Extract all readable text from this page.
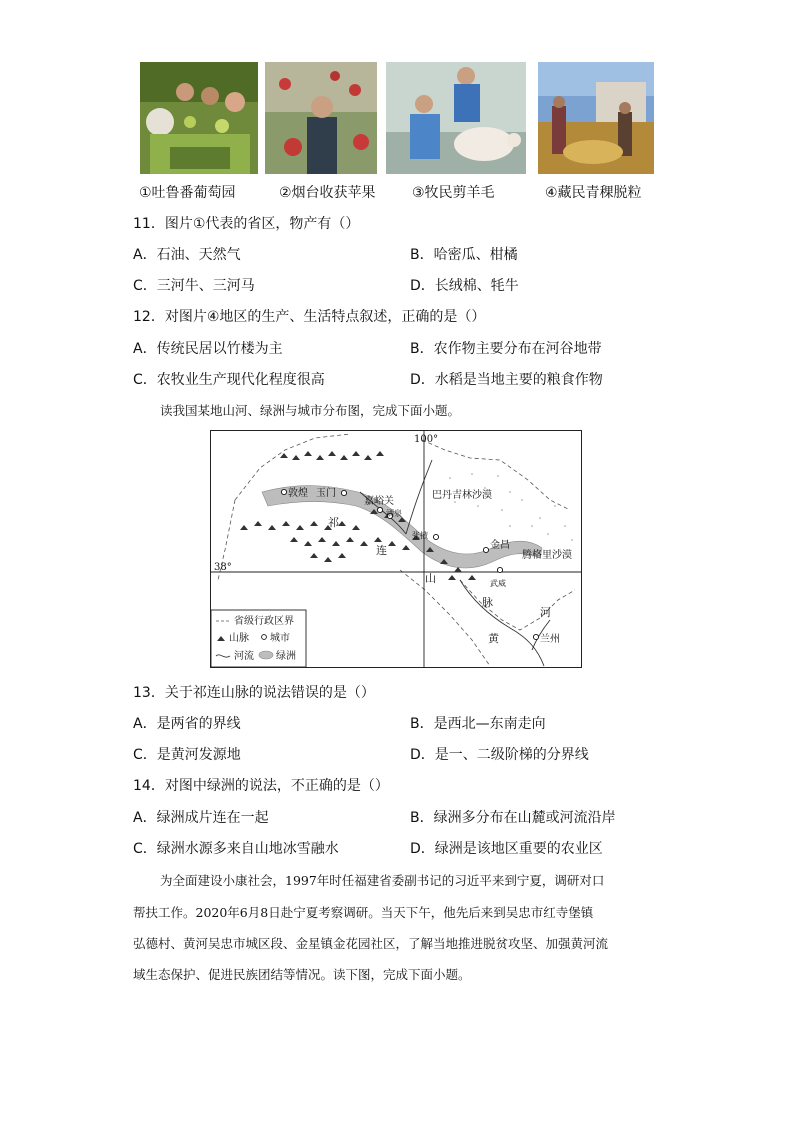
①吐鲁番葡萄园	②烟台收获苹果	③牧民剪羊毛	④藏民青稞脱粒
11．图片①代表的省区，物产有（）
A．石油、天然气	B．哈密瓜、柑橘
C．三河牛、三河马	D．长绒棉、牦牛
12．对图片④地区的生产、生活特点叙述，正确的是（）
A．传统民居以竹楼为主	B．农作物主要分布在河谷地带
C．农牧业生产现代化程度很高	D．水稻是当地主要的粮食作物
读我国某地山河、绿洲与城市分布图，完成下面小题。
100°
38°
敦煌 玉门
嘉峪关
酒泉
张掖
金昌
武威
兰州
巴丹吉林沙漠
腾格里沙漠
祁
连
山
脉
黄
河
省级行政区界
山脉 城市
河流 绿洲
13．关于祁连山脉的说法错误的是（）
A．是两省的界线	B．是西北—东南走向
C．是黄河发源地	D．是一、二级阶梯的分界线
14．对图中绿洲的说法，不正确的是（）
A．绿洲成片连在一起	B．绿洲多分布在山麓或河流沿岸
C．绿洲水源多来自山地冰雪融水	D．绿洲是该地区重要的农业区
为全面建设小康社会，1997年时任福建省委副书记的习近平来到宁夏，调研对口
帮扶工作。2020年6月8日赴宁夏考察调研。当天下午，他先后来到吴忠市红寺堡镇
弘德村、黄河吴忠市城区段、金星镇金花园社区，了解当地推进脱贫攻坚、加强黄河流
域生态保护、促进民族团结等情况。读下图，完成下面小题。
